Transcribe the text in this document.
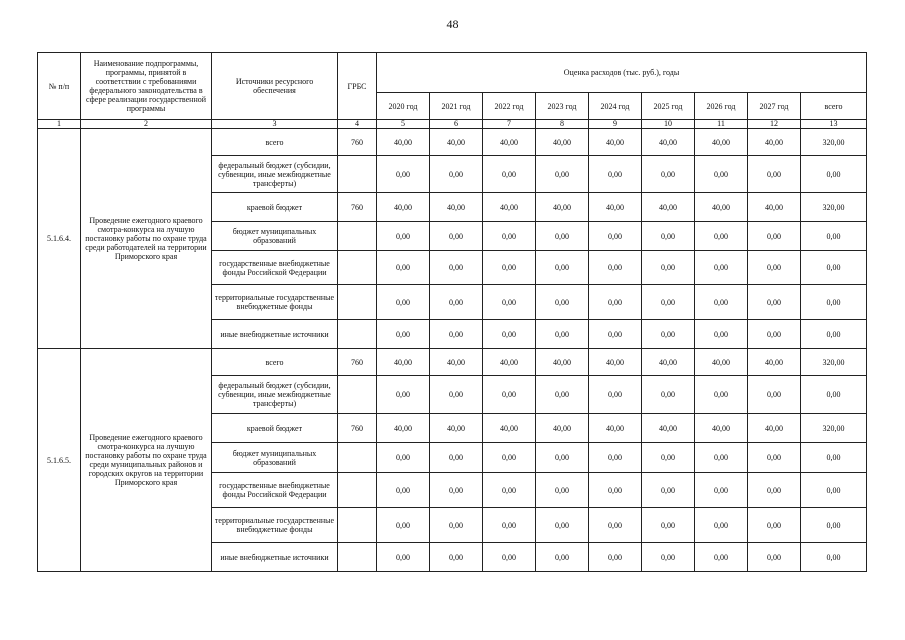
48
№ п/п	Наименование подпрограммы, программы, принятой в соответствии с требованиями федерального законодательства в сфере реализации государственной программы	Источники ресурсного обеспечения	ГРБС	Оценка расходов (тыс. руб.), годы								
				2020 год	2021 год	2022 год	2023 год	2024 год	2025 год	2026 год	2027 год	всего
1	2	3	4	5	6	7	8	9	10	11	12	13
5.1.6.4.	Проведение ежегодного краевого смотра-конкурса на лучшую постановку работы по охране труда среди работодателей на территории Приморского края	всего	760	40,00	40,00	40,00	40,00	40,00	40,00	40,00	40,00	320,00
		федеральный бюджет (субсидии, субвенции, иные межбюджетные трансферты)		0,00	0,00	0,00	0,00	0,00	0,00	0,00	0,00	0,00
		краевой бюджет	760	40,00	40,00	40,00	40,00	40,00	40,00	40,00	40,00	320,00
		бюджет муниципальных образований		0,00	0,00	0,00	0,00	0,00	0,00	0,00	0,00	0,00
		государственные внебюджетные фонды Российской Федерации		0,00	0,00	0,00	0,00	0,00	0,00	0,00	0,00	0,00
		территориальные государственные внебюджетные фонды		0,00	0,00	0,00	0,00	0,00	0,00	0,00	0,00	0,00
		иные внебюджетные источники		0,00	0,00	0,00	0,00	0,00	0,00	0,00	0,00	0,00
5.1.6.5.	Проведение ежегодного краевого смотра-конкурса на лучшую постановку работы по охране труда среди муниципальных районов и городских округов на территории Приморского края	всего	760	40,00	40,00	40,00	40,00	40,00	40,00	40,00	40,00	320,00
		федеральный бюджет (субсидии, субвенции, иные межбюджетные трансферты)		0,00	0,00	0,00	0,00	0,00	0,00	0,00	0,00	0,00
		краевой бюджет	760	40,00	40,00	40,00	40,00	40,00	40,00	40,00	40,00	320,00
		бюджет муниципальных образований		0,00	0,00	0,00	0,00	0,00	0,00	0,00	0,00	0,00
		государственные внебюджетные фонды Российской Федерации		0,00	0,00	0,00	0,00	0,00	0,00	0,00	0,00	0,00
		территориальные государственные внебюджетные фонды		0,00	0,00	0,00	0,00	0,00	0,00	0,00	0,00	0,00
		иные внебюджетные источники		0,00	0,00	0,00	0,00	0,00	0,00	0,00	0,00	0,00
